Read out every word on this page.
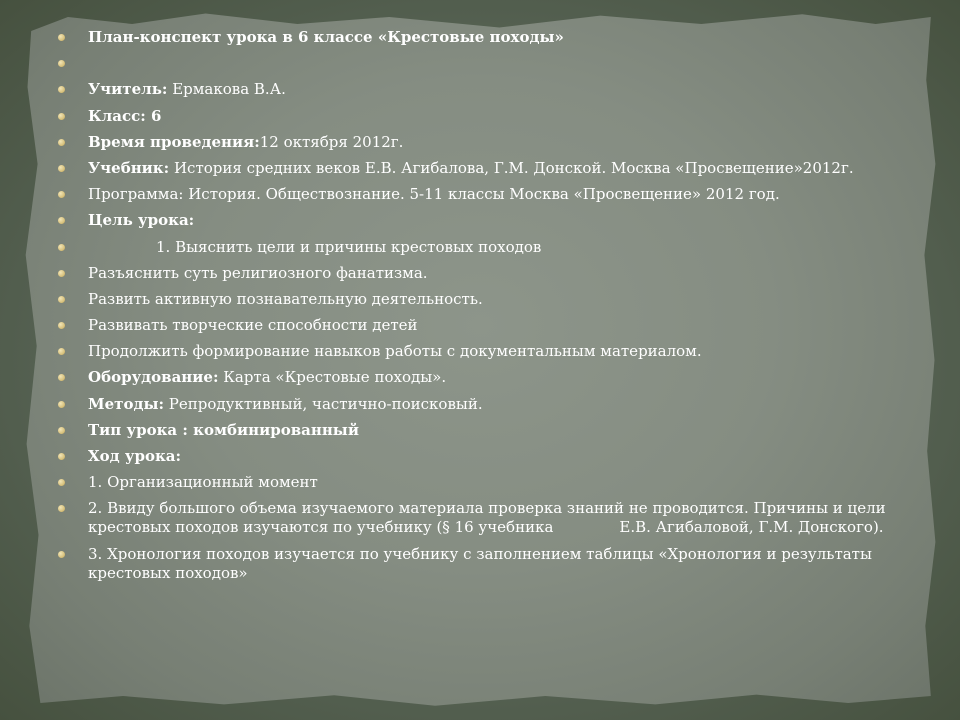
План-конспект урока в 6 классе «Крестовые походы»
Учитель: Ермакова В.А.
Класс: 6
Время проведения:12 октября 2012г.
Учебник: История средних веков Е.В. Агибалова, Г.М. Донской. Москва «Просвещение»2012г.
Программа: История. Обществознание. 5-11 классы Москва «Просвещение» 2012 год.
Цель урока:
1. Выяснить цели и причины крестовых походов
Разъяснить суть религиозного фанатизма.
Развить активную познавательную деятельность.
Развивать творческие способности детей
Продолжить формирование навыков работы с документальным материалом.
Оборудование: Карта «Крестовые походы».
Методы: Репродуктивный, частично-поисковый.
Тип урока : комбинированный
Ход урока:
1. Организационный момент
2. Ввиду большого объема изучаемого материала проверка знаний не проводится. Причины и цели крестовых походов изучаются по учебнику (§ 16 учебника	Е.В. Агибаловой, Г.М. Донского).
3. Хронология походов изучается по учебнику с заполнением таблицы «Хронология и результаты крестовых походов»
